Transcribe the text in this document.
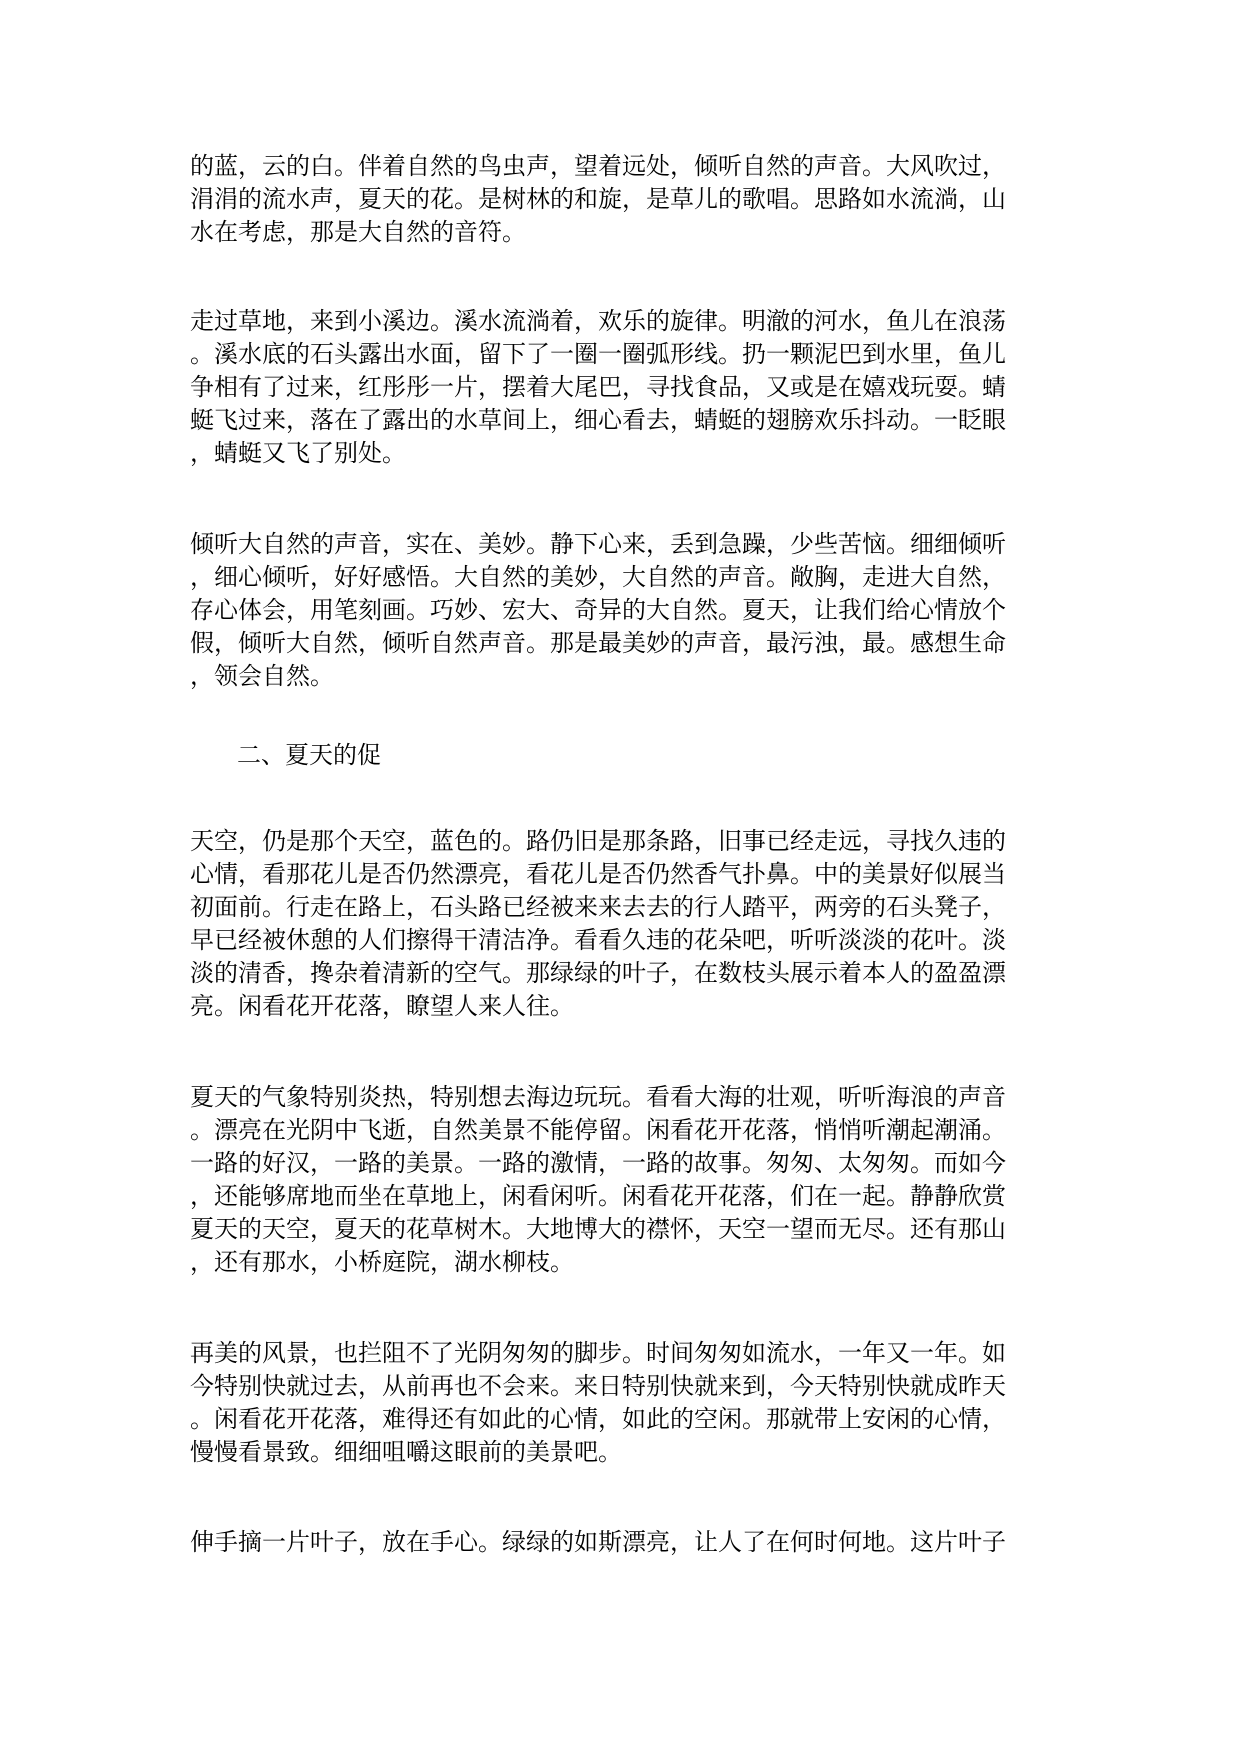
的蓝，云的白。伴着自然的鸟虫声，望着远处，倾听自然的声音。大风吹过，
涓涓的流水声，夏天的花。是树林的和旋，是草儿的歌唱。思路如水流淌，山
水在考虑，那是大自然的音符。

走过草地，来到小溪边。溪水流淌着，欢乐的旋律。明澈的河水，鱼儿在浪荡
。溪水底的石头露出水面，留下了一圈一圈弧形线。扔一颗泥巴到水里，鱼儿
争相有了过来，红彤彤一片，摆着大尾巴，寻找食品，又或是在嬉戏玩耍。蜻
蜓飞过来，落在了露出的水草间上，细心看去，蜻蜓的翅膀欢乐抖动。一眨眼
，蜻蜓又飞了别处。

倾听大自然的声音，实在、美妙。静下心来，丢到急躁，少些苦恼。细细倾听
，细心倾听，好好感悟。大自然的美妙，大自然的声音。敞胸，走进大自然，
存心体会，用笔刻画。巧妙、宏大、奇异的大自然。夏天，让我们给心情放个
假，倾听大自然，倾听自然声音。那是最美妙的声音，最污浊，最。感想生命
，领会自然。

二、夏天的促

天空，仍是那个天空，蓝色的。路仍旧是那条路，旧事已经走远，寻找久违的
心情，看那花儿是否仍然漂亮，看花儿是否仍然香气扑鼻。中的美景好似展当
初面前。行走在路上，石头路已经被来来去去的行人踏平，两旁的石头凳子，
早已经被休憩的人们擦得干清洁净。看看久违的花朵吧，听听淡淡的花叶。淡
淡的清香，搀杂着清新的空气。那绿绿的叶子，在数枝头展示着本人的盈盈漂
亮。闲看花开花落，瞭望人来人往。

夏天的气象特别炎热，特别想去海边玩玩。看看大海的壮观，听听海浪的声音
。漂亮在光阴中飞逝，自然美景不能停留。闲看花开花落，悄悄听潮起潮涌。
一路的好汉，一路的美景。一路的激情，一路的故事。匆匆、太匆匆。而如今
，还能够席地而坐在草地上，闲看闲听。闲看花开花落，们在一起。静静欣赏
夏天的天空，夏天的花草树木。大地博大的襟怀，天空一望而无尽。还有那山
，还有那水，小桥庭院，湖水柳枝。

再美的风景，也拦阻不了光阴匆匆的脚步。时间匆匆如流水，一年又一年。如
今特别快就过去，从前再也不会来。来日特别快就来到，今天特别快就成昨天
。闲看花开花落，难得还有如此的心情，如此的空闲。那就带上安闲的心情，
慢慢看景致。细细咀嚼这眼前的美景吧。

伸手摘一片叶子，放在手心。绿绿的如斯漂亮，让人了在何时何地。这片叶子
